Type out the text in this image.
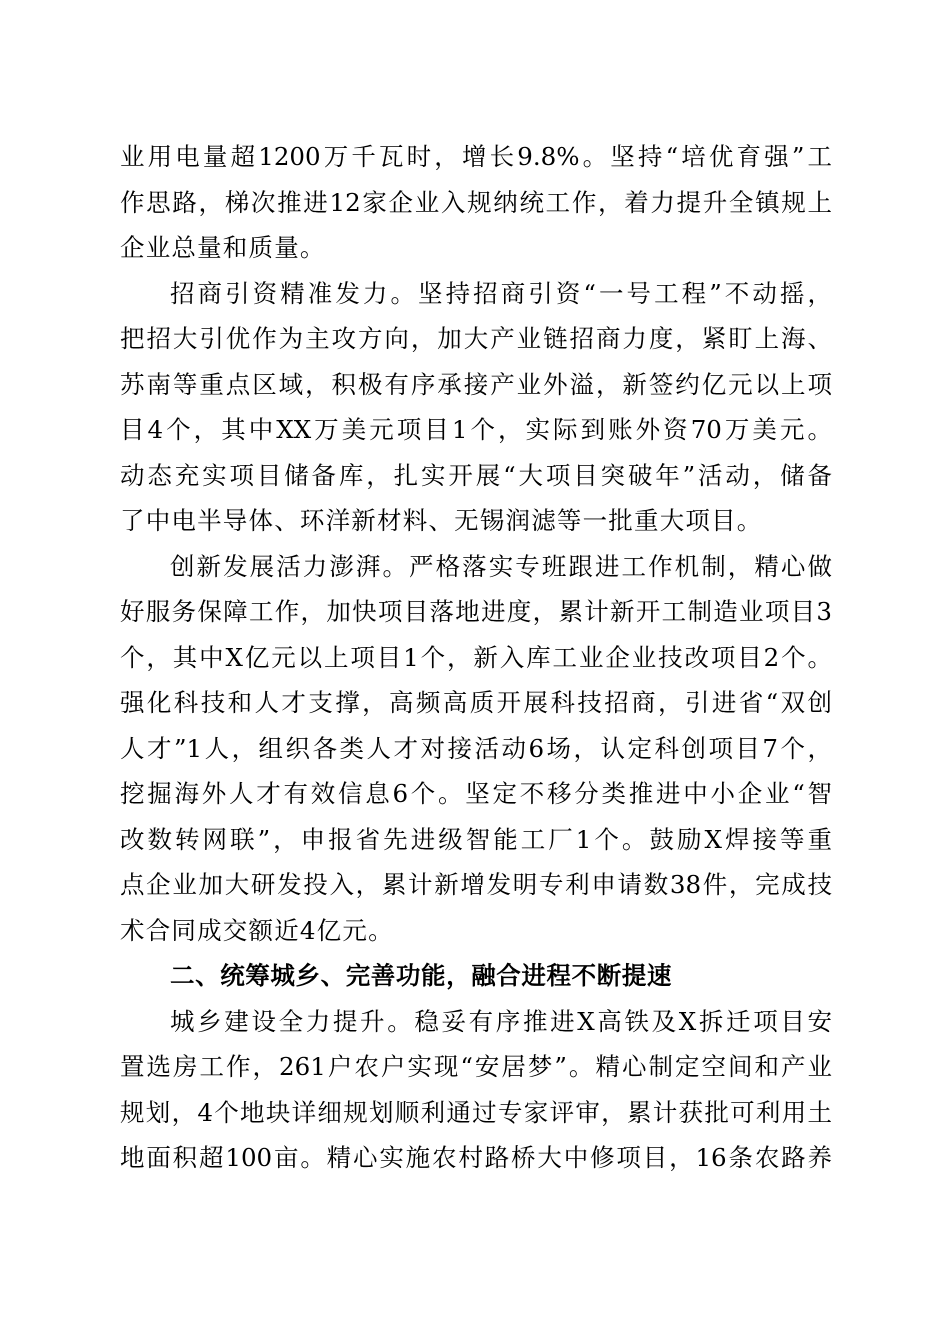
业用电量超1200万千瓦时，增长9.8%。坚持“培优育强”工
作思路，梯次推进12家企业入规纳统工作，着力提升全镇规上
企业总量和质量。
招商引资精准发力。坚持招商引资“一号工程”不动摇，
把招大引优作为主攻方向，加大产业链招商力度，紧盯上海、
苏南等重点区域，积极有序承接产业外溢，新签约亿元以上项
目4个，其中XX万美元项目1个，实际到账外资70万美元。
动态充实项目储备库，扎实开展“大项目突破年”活动，储备
了中电半导体、环洋新材料、无锡润滤等一批重大项目。
创新发展活力澎湃。严格落实专班跟进工作机制，精心做
好服务保障工作，加快项目落地进度，累计新开工制造业项目3
个，其中X亿元以上项目1个，新入库工业企业技改项目2个。
强化科技和人才支撑，高频高质开展科技招商，引进省“双创
人才”1人，组织各类人才对接活动6场，认定科创项目7个，
挖掘海外人才有效信息6个。坚定不移分类推进中小企业“智
改数转网联”，申报省先进级智能工厂1个。鼓励X焊接等重
点企业加大研发投入，累计新增发明专利申请数38件，完成技
术合同成交额近4亿元。
二、统筹城乡、完善功能，融合进程不断提速
城乡建设全力提升。稳妥有序推进X高铁及X拆迁项目安
置选房工作，261户农户实现“安居梦”。精心制定空间和产业
规划，4个地块详细规划顺利通过专家评审，累计获批可利用土
地面积超100亩。精心实施农村路桥大中修项目，16条农路养
